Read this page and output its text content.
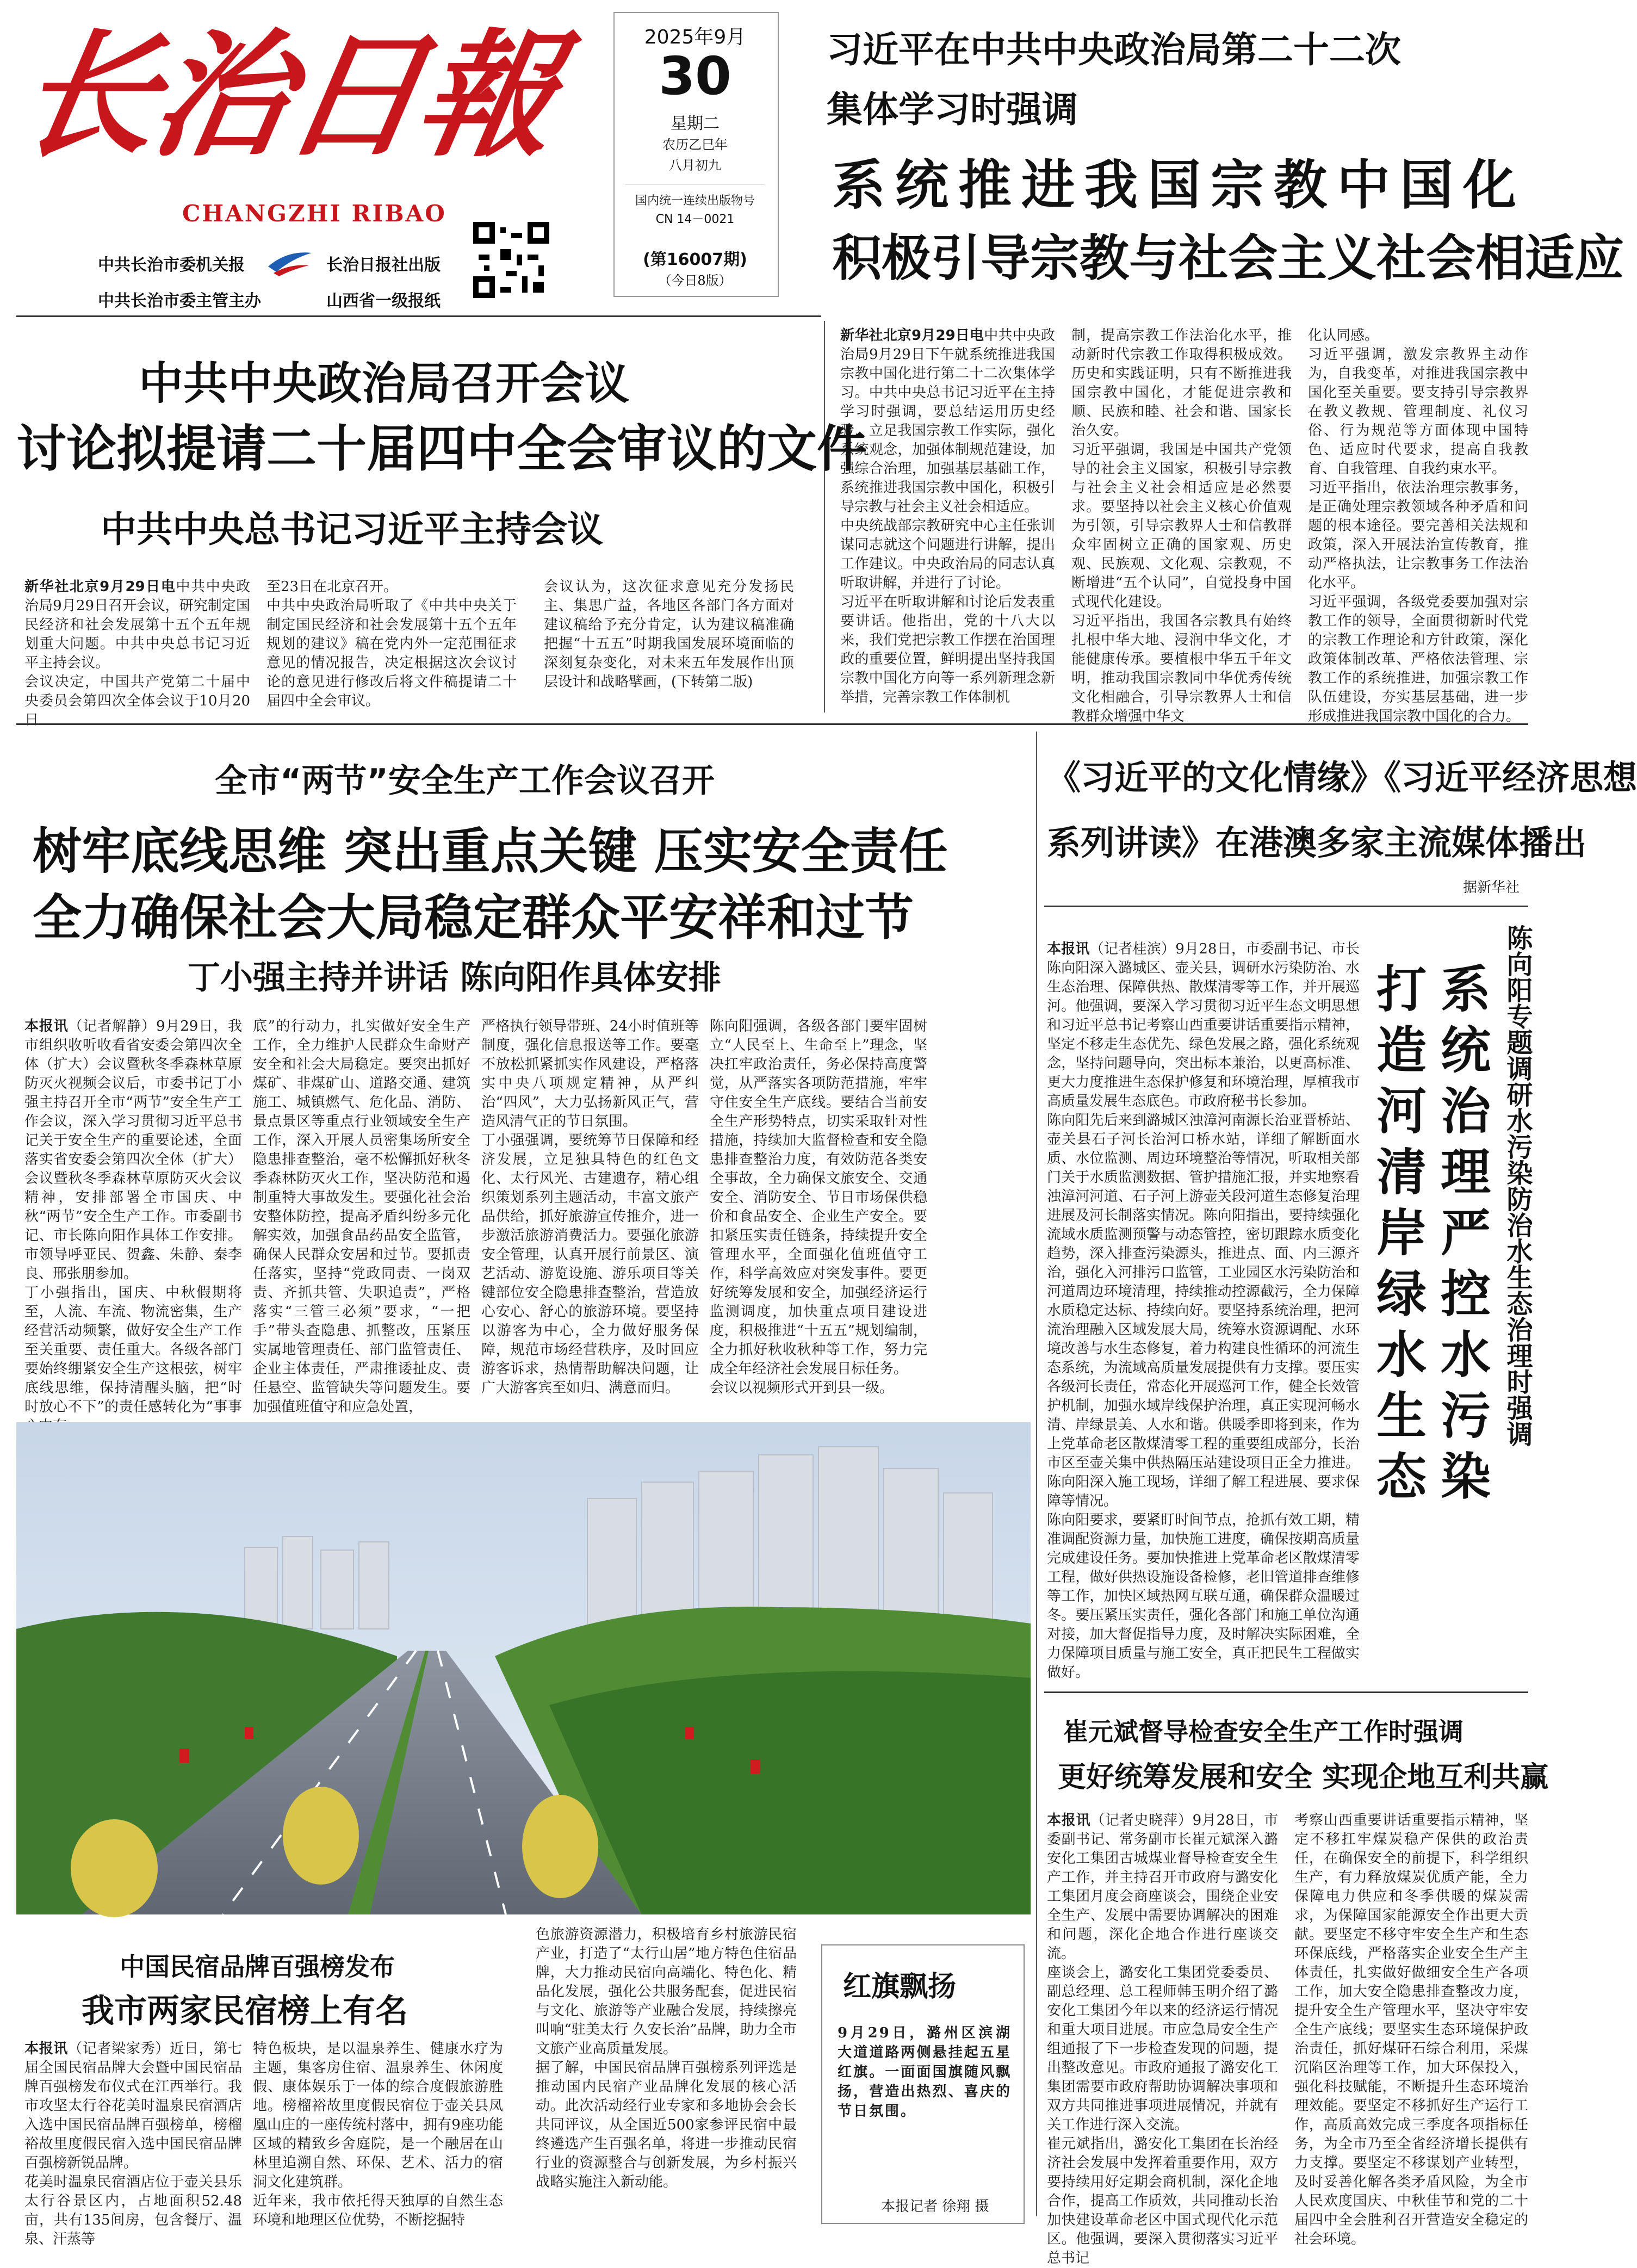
长治日報
CHANGZHI RIBAO
中共长治市委机关报
中共长治市委主管主办
长治日报社出版
山西省一级报纸
2025年9月
30
星期二
农历乙巳年
八月初九
国内统一连续出版物号
CN 14－0021
(第16007期)
（今日8版）
习近平在中共中央政治局第二十二次
集体学习时强调
系统推进我国宗教中国化
积极引导宗教与社会主义社会相适应
新华社北京9月29日电中共中央政治局9月29日下午就系统推进我国宗教中国化进行第二十二次集体学习。中共中央总书记习近平在主持学习时强调，要总结运用历史经验，立足我国宗教工作实际，强化系统观念，加强体制规范建设，加强综合治理，加强基层基础工作，系统推进我国宗教中国化，积极引导宗教与社会主义社会相适应。
中央统战部宗教研究中心主任张训谋同志就这个问题进行讲解，提出工作建议。中央政治局的同志认真听取讲解，并进行了讨论。
习近平在听取讲解和讨论后发表重要讲话。他指出，党的十八大以来，我们党把宗教工作摆在治国理政的重要位置，鲜明提出坚持我国宗教中国化方向等一系列新理念新举措，完善宗教工作体制机
制，提高宗教工作法治化水平，推动新时代宗教工作取得积极成效。历史和实践证明，只有不断推进我国宗教中国化，才能促进宗教和顺、民族和睦、社会和谐、国家长治久安。
习近平强调，我国是中国共产党领导的社会主义国家，积极引导宗教与社会主义社会相适应是必然要求。要坚持以社会主义核心价值观为引领，引导宗教界人士和信教群众牢固树立正确的国家观、历史观、民族观、文化观、宗教观，不断增进“五个认同”，自觉投身中国式现代化建设。
习近平指出，我国各宗教具有始终扎根中华大地、浸润中华文化，才能健康传承。要植根中华五千年文明，推动我国宗教同中华优秀传统文化相融合，引导宗教界人士和信教群众增强中华文
化认同感。
习近平强调，激发宗教界主动作为，自我变革，对推进我国宗教中国化至关重要。要支持引导宗教界在教义教规、管理制度、礼仪习俗、行为规范等方面体现中国特色、适应时代要求，提高自我教育、自我管理、自我约束水平。
习近平指出，依法治理宗教事务，是正确处理宗教领域各种矛盾和问题的根本途径。要完善相关法规和政策，深入开展法治宣传教育，推动严格执法，让宗教事务工作法治化水平。
习近平强调，各级党委要加强对宗教工作的领导，全面贯彻新时代党的宗教工作理论和方针政策，深化政策体制改革、严格依法管理、宗教工作的系统推进，加强宗教工作队伍建设，夯实基层基础，进一步形成推进我国宗教中国化的合力。
中共中央政治局召开会议
讨论拟提请二十届四中全会审议的文件
中共中央总书记习近平主持会议
新华社北京9月29日电中共中央政治局9月29日召开会议，研究制定国民经济和社会发展第十五个五年规划重大问题。中共中央总书记习近平主持会议。
会议决定，中国共产党第二十届中央委员会第四次全体会议于10月20日
至23日在北京召开。
中共中央政治局听取了《中共中央关于制定国民经济和社会发展第十五个五年规划的建议》稿在党内外一定范围征求意见的情况报告，决定根据这次会议讨论的意见进行修改后将文件稿提请二十届四中全会审议。
会议认为，这次征求意见充分发扬民主、集思广益，各地区各部门各方面对建议稿给予充分肯定，认为建议稿准确把握“十五五”时期我国发展环境面临的深刻复杂变化，对未来五年发展作出顶层设计和战略擘画，(下转第二版)
全市“两节”安全生产工作会议召开
树牢底线思维 突出重点关键 压实安全责任
全力确保社会大局稳定群众平安祥和过节
丁小强主持并讲话 陈向阳作具体安排
本报讯（记者解静）9月29日，我市组织收听收看省安委会第四次全体（扩大）会议暨秋冬季森林草原防灭火视频会议后，市委书记丁小强主持召开全市“两节”安全生产工作会议，深入学习贯彻习近平总书记关于安全生产的重要论述，全面落实省安委会第四次全体（扩大）会议暨秋冬季森林草原防灭火会议精神，安排部署全市国庆、中秋“两节”安全生产工作。市委副书记、市长陈向阳作具体工作安排。市领导呼亚民、贺鑫、朱静、秦李良、邢张朋参加。
丁小强指出，国庆、中秋假期将至，人流、车流、物流密集，生产经营活动频繁，做好安全生产工作至关重要、责任重大。各级各部门要始终绷紧安全生产这根弦，树牢底线思维，保持清醒头脑，把“时时放心不下”的责任感转化为“事事
底”的行动力，扎实做好安全生产工作，全力维护人民群众生命财产安全和社会大局稳定。要突出抓好煤矿、非煤矿山、道路交通、建筑施工、城镇燃气、危化品、消防、景点景区等重点行业领域安全生产工作，深入开展人员密集场所安全隐患排查整治，毫不松懈抓好秋冬季森林防灭火工作，坚决防范和遏制重特大事故发生。要强化社会治安整体防控，提高矛盾纠纷多元化解实效，加强食品药品安全监管，确保人民群众安居和过节。要抓责任落实，坚持“党政同责、一岗双责、齐抓共管、失职追责”，严格落实“三管三必须”要求，“一把手”带头查隐患、抓整改，压紧压实属地管理责任、部门监管责任、企业主体责任，严肃推诿扯皮、责任悬空、监管缺失等问题发生。要加强值班值守和应急处置，
严格执行领导带班、24小时值班等制度，强化信息报送等工作。要毫不放松抓紧抓实作风建设，严格落实中央八项规定精神，从严纠治“四风”，大力弘扬新风正气，营造风清气正的节日氛围。
丁小强强调，要统筹节日保障和经济发展，立足独具特色的红色文化、太行风光、古建遗存，精心组织策划系列主题活动，丰富文旅产品供给，抓好旅游宣传推介，进一步激活旅游消费活力。要强化旅游安全管理，认真开展行前景区、演艺活动、游览设施、游乐项目等关键部位安全隐患排查整治，营造放心安心、舒心的旅游环境。要坚持以游客为中心，全力做好服务保障，规范市场经营秩序，及时回应游客诉求，热情帮助解决问题，让广大游客宾至如归、满意而归。
陈向阳强调，各级各部门要牢固树立“人民至上、生命至上”理念，坚决扛牢政治责任，务必保持高度警觉，从严落实各项防范措施，牢牢守住安全生产底线。要结合当前安全生产形势特点，切实采取针对性措施，持续加大监督检查和安全隐患排查整治力度，有效防范各类安全事故，全力确保文旅安全、交通安全、消防安全、节日市场保供稳价和食品安全、企业生产安全。要扣紧压实责任链条，持续提升安全管理水平，全面强化值班值守工作，科学高效应对突发事件。要更好统筹发展和安全，加强经济运行监测调度，加快重点项目建设进度，积极推进“十五五”规划编制，全力抓好秋收秋种等工作，努力完成全年经济社会发展目标任务。
会议以视频形式开到县一级。
红旗飘扬
9月29日，潞州区滨湖大道道路两侧悬挂起五星红旗。一面面国旗随风飘扬，营造出热烈、喜庆的节日氛围。
本报记者 徐翔 摄
中国民宿品牌百强榜发布
我市两家民宿榜上有名
本报讯（记者梁家秀）近日，第七届全国民宿品牌大会暨中国民宿品牌百强榜发布仪式在江西举行。我市攻坚太行谷花美时温泉民宿酒店入选中国民宿品牌百强榜单，榜榴裕故里度假民宿入选中国民宿品牌百强榜新锐品牌。
花美时温泉民宿酒店位于壶关县乐太行谷景区内，占地面积52.48亩，共有135间房，包含餐厅、温泉、汗蒸等
特色板块，是以温泉养生、健康水疗为主题，集客房住宿、温泉养生、休闲度假、康体娱乐于一体的综合度假旅游胜地。榜榴裕故里度假民宿位于壶关县凤凰山庄的一座传统村落中，拥有9座功能区域的精致乡舍庭院，是一个融居在山林里追溯自然、环保、艺术、活力的宿洞文化建筑群。
近年来，我市依托得天独厚的自然生态环境和地理区位优势，不断挖掘特
色旅游资源潜力，积极培育乡村旅游民宿产业，打造了“太行山居”地方特色住宿品牌，大力推动民宿向高端化、特色化、精品化发展，强化公共服务配套，促进民宿与文化、旅游等产业融合发展，持续擦亮叫响“驻美太行 久安长治”品牌，助力全市文旅产业高质量发展。
据了解，中国民宿品牌百强榜系列评选是推动国内民宿产业品牌化发展的核心活动。此次活动经行业专家和多地协会会长共同评议，从全国近500家参评民宿中最终遴选产生百强名单，将进一步推动民宿行业的资源整合与创新发展，为乡村振兴战略实施注入新动能。
《习近平的文化情缘》《习近平经济思想
系列讲读》在港澳多家主流媒体播出
据新华社
陈向阳专题调研水污染防治水生态治理时强调
系统治理严控水污染
打造河清岸绿水生态
本报讯（记者桂滨）9月28日，市委副书记、市长陈向阳深入潞城区、壶关县，调研水污染防治、水生态治理、保障供热、散煤清零等工作，并开展巡河。他强调，要深入学习贯彻习近平生态文明思想和习近平总书记考察山西重要讲话重要指示精神，坚定不移走生态优先、绿色发展之路，强化系统观念，坚持问题导向，突出标本兼治，以更高标准、更大力度推进生态保护修复和环境治理，厚植我市高质量发展生态底色。市政府秘书长参加。
陈向阳先后来到潞城区浊漳河南源长治亚晋桥站、壶关县石子河长治河口桥水站，详细了解断面水质、水位监测、周边环境整治等情况，听取相关部门关于水质监测数据、管护措施汇报，并实地察看浊漳河河道、石子河上游壶关段河道生态修复治理进展及河长制落实情况。陈向阳指出，要持续强化流域水质监测预警与动态管控，密切跟踪水质变化趋势，深入排查污染源头，推进点、面、内三源齐治，强化入河排污口监管，工业园区水污染防治和河道周边环境清理，持续推动控源截污，全力保障水质稳定达标、持续向好。要坚持系统治理，把河流治理融入区域发展大局，统筹水资源调配、水环境改善与水生态修复，着力构建良性循环的河流生态系统，为流域高质量发展提供有力支撑。要压实各级河长责任，常态化开展巡河工作，健全长效管护机制，加强水域岸线保护治理，真正实现河畅水清、岸绿景美、人水和谐。供暖季即将到来，作为上党革命老区散煤清零工程的重要组成部分，长治市区至壶关集中供热隔压站建设项目正全力推进。陈向阳深入施工现场，详细了解工程进展、要求保障等情况。
陈向阳要求，要紧盯时间节点，抢抓有效工期，精准调配资源力量，加快施工进度，确保按期高质量完成建设任务。要加快推进上党革命老区散煤清零工程，做好供热设施设备检修，老旧管道排查维修等工作，加快区域热网互联互通，确保群众温暖过冬。要压紧压实责任，强化各部门和施工单位沟通对接，加大督促指导力度，及时解决实际困难，全力保障项目质量与施工安全，真正把民生工程做实做好。
崔元斌督导检查安全生产工作时强调
更好统筹发展和安全 实现企地互利共赢
本报讯（记者史晓萍）9月28日，市委副书记、常务副市长崔元斌深入潞安化工集团古城煤业督导检查安全生产工作，并主持召开市政府与潞安化工集团月度会商座谈会，围绕企业安全生产、发展中需要协调解决的困难和问题，深化企地合作进行座谈交流。
座谈会上，潞安化工集团党委委员、副总经理、总工程师韩玉明介绍了潞安化工集团今年以来的经济运行情况和重大项目进展。市应急局安全生产组通报了下一步检查发现的问题，提出整改意见。市政府通报了潞安化工集团需要市政府帮助协调解决事项和双方共同推进事项进展情况，并就有关工作进行深入交流。
崔元斌指出，潞安化工集团在长治经济社会发展中发挥着重要作用，双方要持续用好定期会商机制，深化企地合作，提高工作质效，共同推动长治加快建设革命老区中国式现代化示范区。他强调，要深入贯彻落实习近平总书记
考察山西重要讲话重要指示精神，坚定不移扛牢煤炭稳产保供的政治责任，在确保安全的前提下，科学组织生产，有力释放煤炭优质产能，全力保障电力供应和冬季供暖的煤炭需求，为保障国家能源安全作出更大贡献。要坚定不移守牢安全生产和生态环保底线，严格落实企业安全生产主体责任，扎实做好做细安全生产各项工作，加大安全隐患排查整改力度，提升安全生产管理水平，坚决守牢安全生产底线；要坚实生态环境保护政治责任，抓好煤矸石综合利用，采煤沉陷区治理等工作，加大环保投入，强化科技赋能，不断提升生态环境治理效能。要坚定不移抓好生产运行工作，高质高效完成三季度各项指标任务，为全市乃至全省经济增长提供有力支撑。要坚定不移谋划产业转型，及时妥善化解各类矛盾风险，为全市人民欢度国庆、中秋佳节和党的二十届四中全会胜利召开营造安全稳定的社会环境。
